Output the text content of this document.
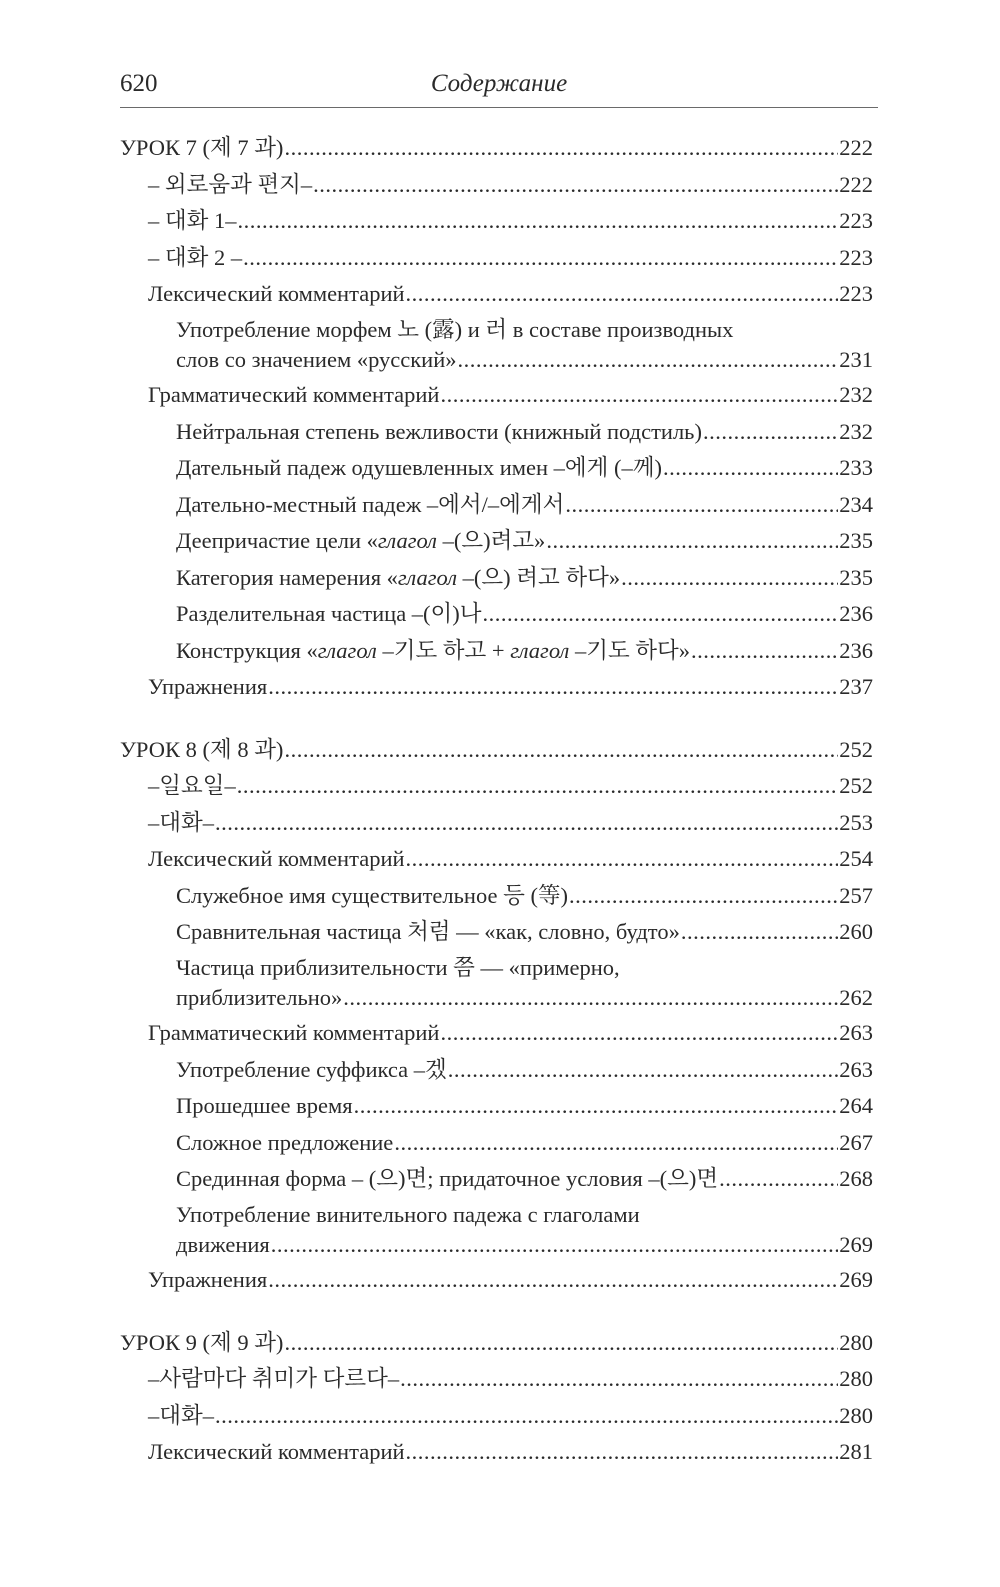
620	Содержание
УРОК 7 (제 7 과) .....	222
– 외로움과 편지– .....	222
– 대화 1– .....	223
– 대화 2 – .....	223
Лексический комментарий .....	223
Употребление морфем 노 (露) и 러 в составе производных
слов со значением «русский» .....	231
Грамматический комментарий .....	232
Нейтральная степень вежливости (книжный подстиль) .....	232
Дательный падеж одушевленных имен –에게 (–께) .....	233
Дательно-местный падеж –에서/–에게서 .....	234
Деепричастие цели «глагол –(으)려고» .....	235
Категория намерения «глагол –(으) 려고 하다» .....	235
Разделительная частица –(이)나 .....	236
Конструкция «глагол –기도 하고 + глагол –기도 하다» .....	236
Упражнения .....	237
УРОК 8 (제 8 과) .....	252
–일요일– .....	252
–대화– .....	253
Лексический комментарий .....	254
Служебное имя существительное 등 (等) .....	257
Сравнительная частица 처럼 — «как, словно, будто» .....	260
Частица приблизительности 쯤 — «примерно,
приблизительно» .....	262
Грамматический комментарий .....	263
Употребление суффикса –겠 .....	263
Прошедшее время .....	264
Сложное предложение .....	267
Срединная форма – (으)면; придаточное условия –(으)면 .....	268
Употребление винительного падежа с глаголами
движения .....	269
Упражнения .....	269
УРОК 9 (제 9 과) .....	280
–사람마다 취미가 다르다– .....	280
–대화– .....	280
Лексический комментарий .....	281
